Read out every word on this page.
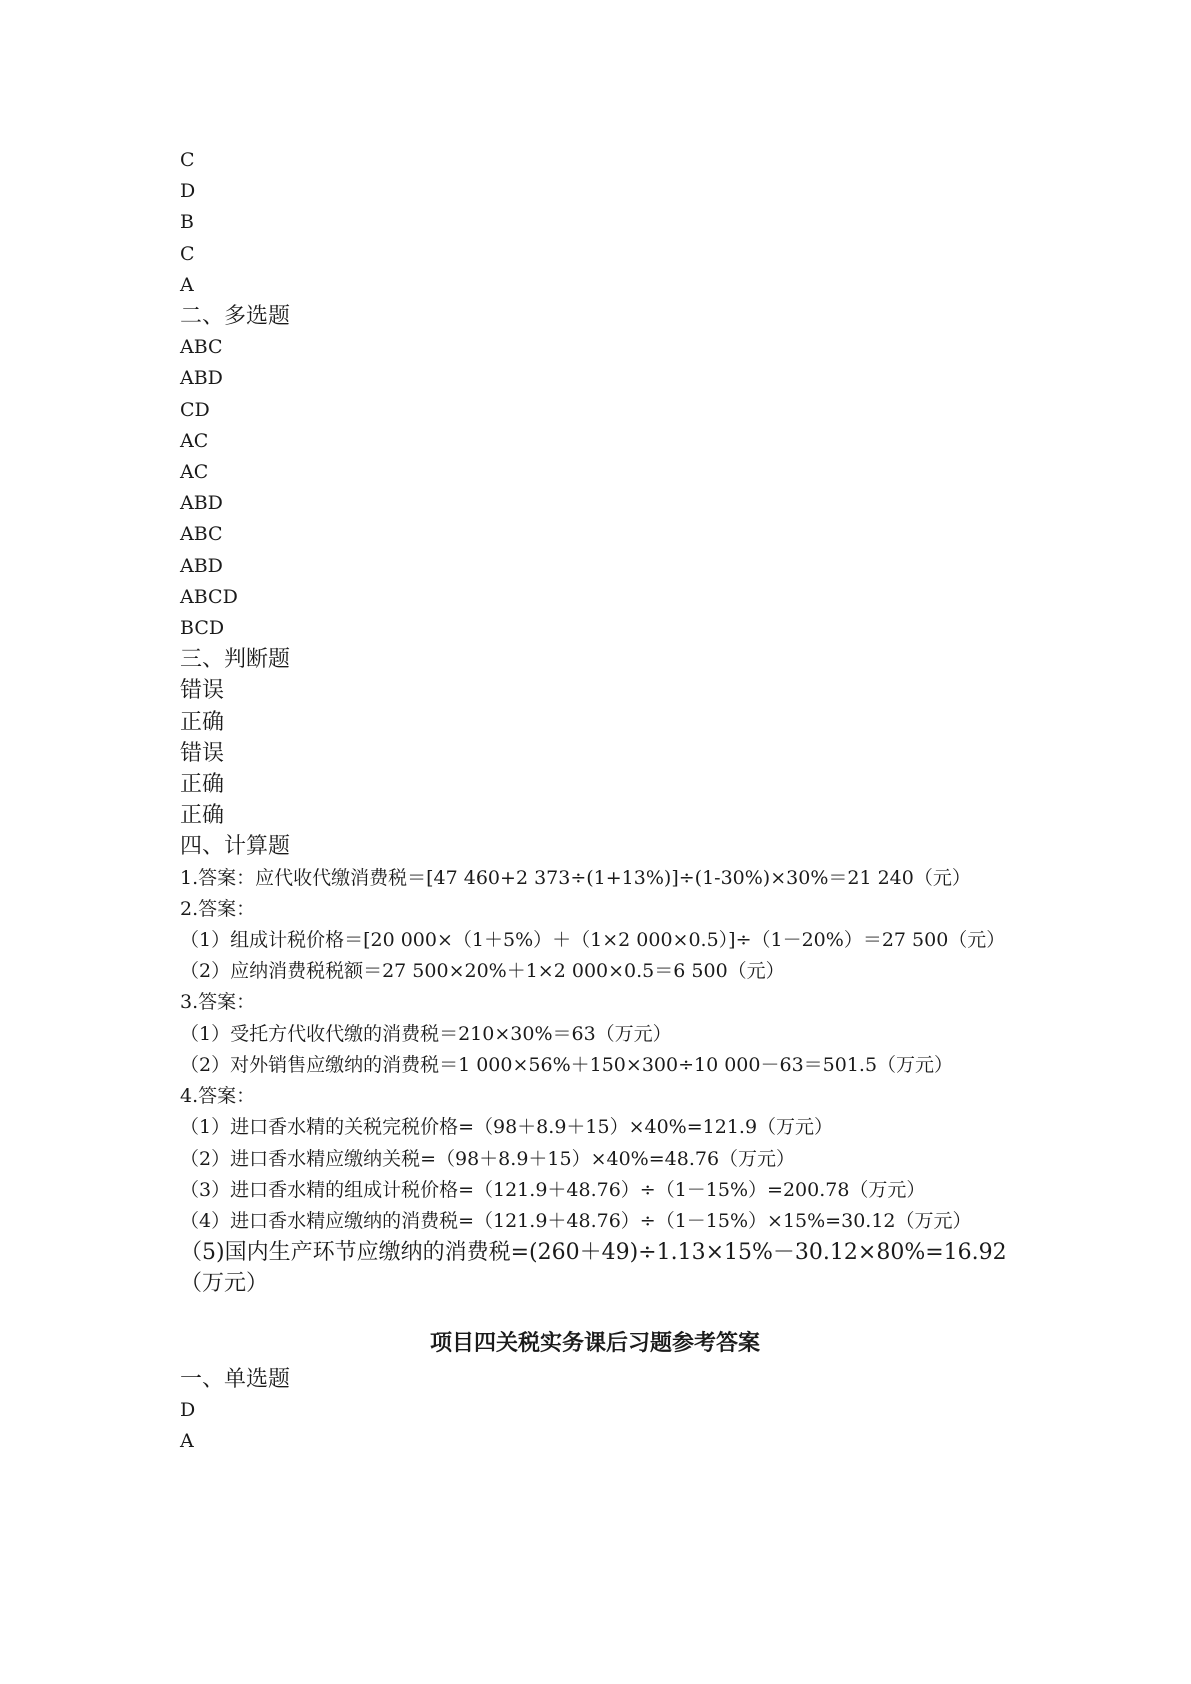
C
D
B
C
A
二、多选题
ABC
ABD
CD
AC
AC
ABD
ABC
ABD
ABCD
BCD
三、判断题
错误
正确
错误
正确
正确
四、计算题
1.答案：应代收代缴消费税＝[47 460+2 373÷(1+13%)]÷(1-30%)×30%＝21 240（元）
2.答案：
（1）组成计税价格＝[20 000×（1＋5%）＋（1×2 000×0.5）]÷（1－20%）＝27 500（元）
（2）应纳消费税税额＝27 500×20%＋1×2 000×0.5＝6 500（元）
3.答案：
（1）受托方代收代缴的消费税＝210×30%＝63（万元）
（2）对外销售应缴纳的消费税＝1 000×56%＋150×300÷10 000－63＝501.5（万元）
4.答案：
（1）进口香水精的关税完税价格=（98＋8.9＋15）×40%=121.9（万元）
（2）进口香水精应缴纳关税=（98＋8.9＋15）×40%=48.76（万元）
（3）进口香水精的组成计税价格=（121.9＋48.76）÷（1－15%）=200.78（万元）
（4）进口香水精应缴纳的消费税=（121.9＋48.76）÷（1－15%）×15%=30.12（万元）
（5)国内生产环节应缴纳的消费税=(260＋49)÷1.13×15%－30.12×80%=16.92（万元）
项目四关税实务课后习题参考答案
一、单选题
D
A
